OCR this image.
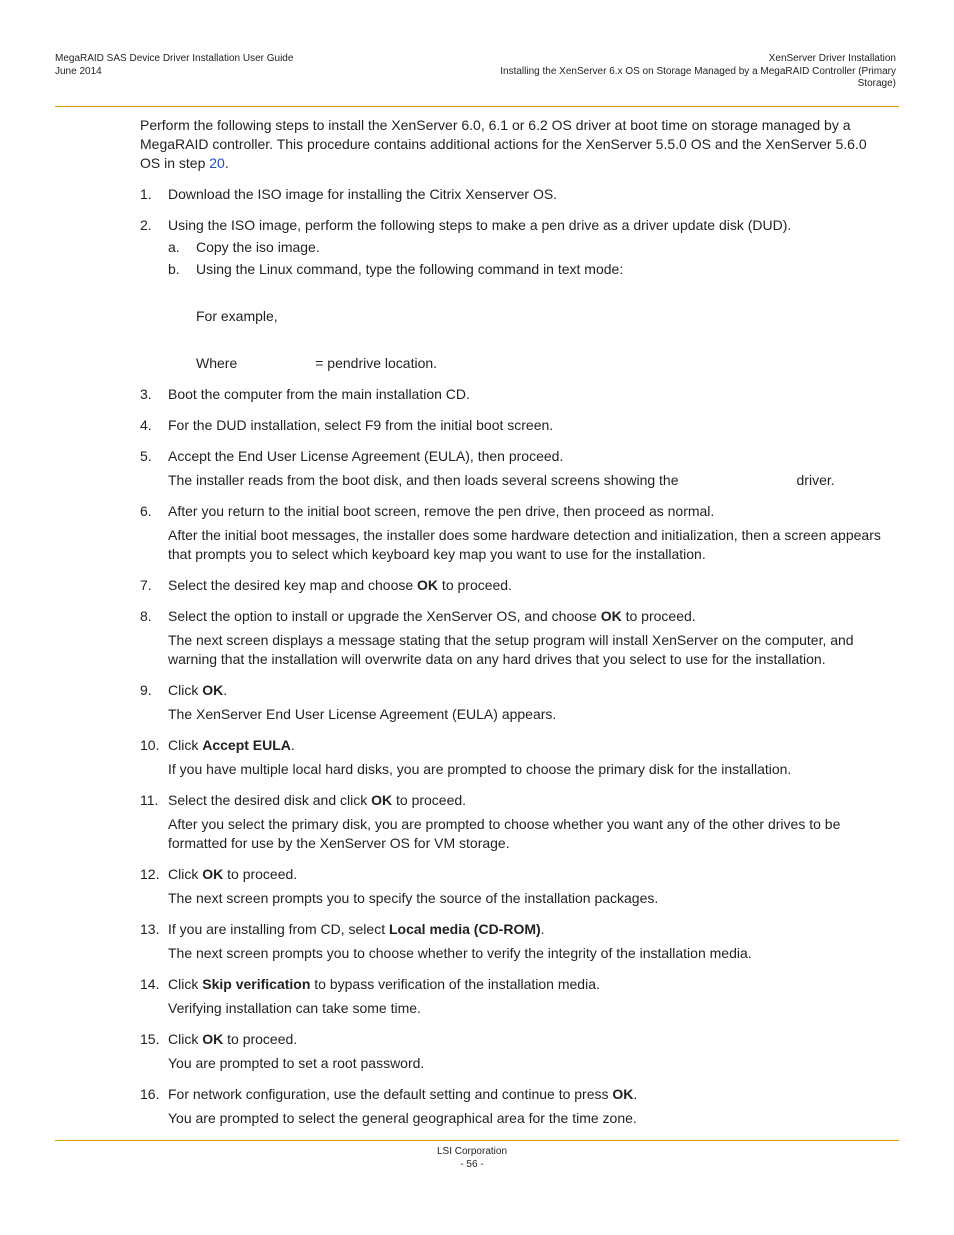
MegaRAID SAS Device Driver Installation User Guide
June 2014
XenServer Driver Installation
Installing the XenServer 6.x OS on Storage Managed by a MegaRAID Controller (Primary
Storage)

Perform the following steps to install the XenServer 6.0, 6.1 or 6.2 OS driver at boot time on storage managed by a MegaRAID controller. This procedure contains additional actions for the XenServer 5.5.0 OS and the XenServer 5.6.0 OS in step 20.

1. Download the ISO image for installing the Citrix Xenserver OS.

2. Using the ISO image, perform the following steps to make a pen drive as a driver update disk (DUD).

a. Copy the iso image.

b. Using the Linux command, type the following command in text mode:

For example,

Where	= pendrive location.

3. Boot the computer from the main installation CD.

4. For the DUD installation, select F9 from the initial boot screen.

5. Accept the End User License Agreement (EULA), then proceed.

The installer reads from the boot disk, and then loads several screens showing the	driver.

6. After you return to the initial boot screen, remove the pen drive, then proceed as normal.

After the initial boot messages, the installer does some hardware detection and initialization, then a screen appears that prompts you to select which keyboard key map you want to use for the installation.

7. Select the desired key map and choose OK to proceed.

8. Select the option to install or upgrade the XenServer OS, and choose OK to proceed.

The next screen displays a message stating that the setup program will install XenServer on the computer, and warning that the installation will overwrite data on any hard drives that you select to use for the installation.

9. Click OK.

The XenServer End User License Agreement (EULA) appears.

10. Click Accept EULA.

If you have multiple local hard disks, you are prompted to choose the primary disk for the installation.

11. Select the desired disk and click OK to proceed.

After you select the primary disk, you are prompted to choose whether you want any of the other drives to be formatted for use by the XenServer OS for VM storage.

12. Click OK to proceed.

The next screen prompts you to specify the source of the installation packages.

13. If you are installing from CD, select Local media (CD-ROM).

The next screen prompts you to choose whether to verify the integrity of the installation media.

14. Click Skip verification to bypass verification of the installation media.

Verifying installation can take some time.

15. Click OK to proceed.

You are prompted to set a root password.

16. For network configuration, use the default setting and continue to press OK.

You are prompted to select the general geographical area for the time zone.

LSI Corporation
- 56 -
